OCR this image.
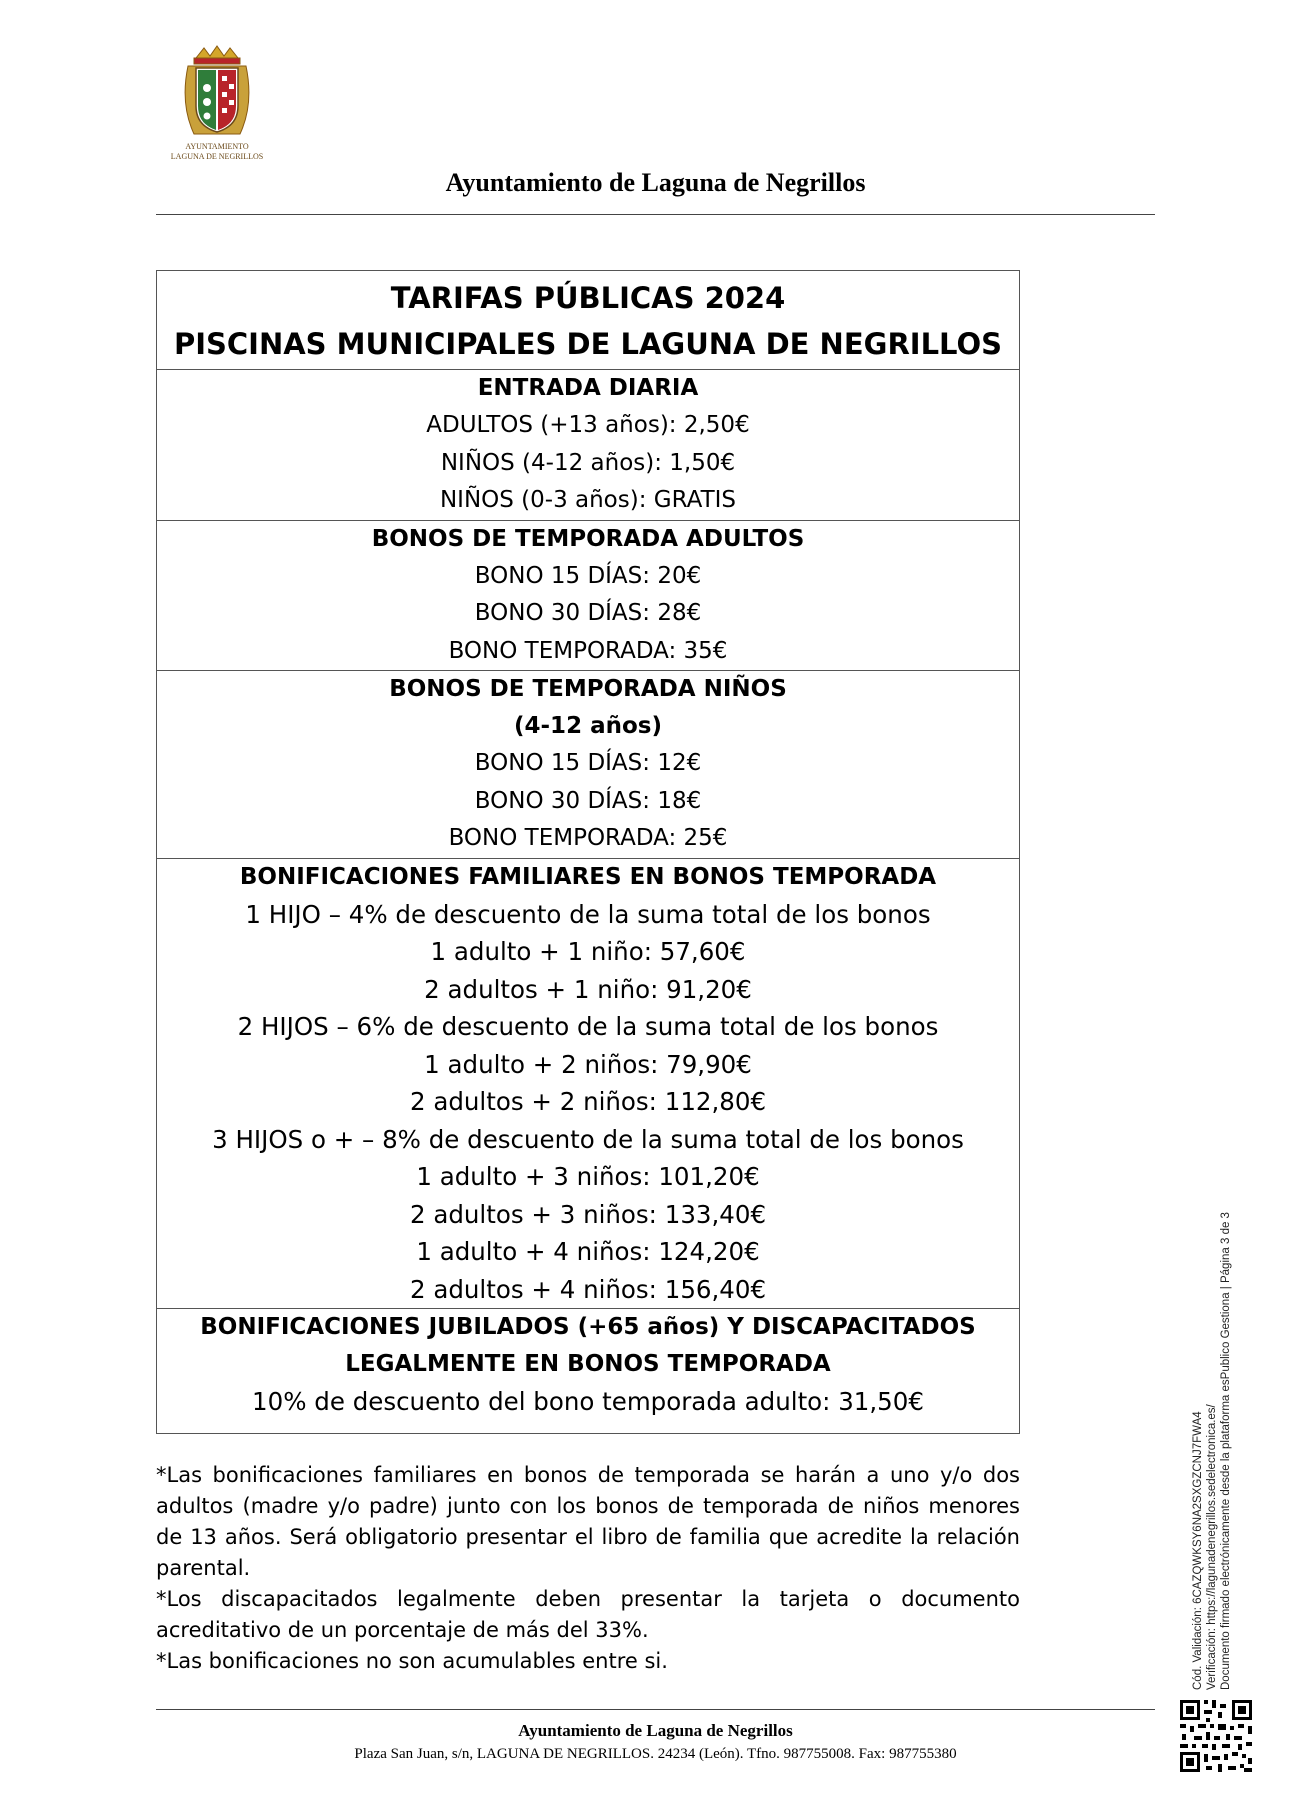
AYUNTAMIENTO
LAGUNA DE NEGRILLOS
Ayuntamiento de Laguna de Negrillos
TARIFAS PÚBLICAS 2024
PISCINAS MUNICIPALES DE LAGUNA DE NEGRILLOS
ENTRADA DIARIA
ADULTOS (+13 años): 2,50€
NIÑOS (4-12 años): 1,50€
NIÑOS (0-3 años): GRATIS
BONOS DE TEMPORADA ADULTOS
BONO 15 DÍAS: 20€
BONO 30 DÍAS: 28€
BONO TEMPORADA: 35€
BONOS DE TEMPORADA NIÑOS
(4-12 años)
BONO 15 DÍAS: 12€
BONO 30 DÍAS: 18€
BONO TEMPORADA: 25€
BONIFICACIONES FAMILIARES EN BONOS TEMPORADA
1 HIJO – 4% de descuento de la suma total de los bonos
1 adulto + 1 niño: 57,60€
2 adultos + 1 niño: 91,20€
2 HIJOS – 6% de descuento de la suma total de los bonos
1 adulto + 2 niños: 79,90€
2 adultos + 2 niños: 112,80€
3 HIJOS o + – 8% de descuento de la suma total de los bonos
1 adulto + 3 niños: 101,20€
2 adultos + 3 niños: 133,40€
1 adulto + 4 niños: 124,20€
2 adultos + 4 niños: 156,40€
BONIFICACIONES JUBILADOS (+65 años) Y DISCAPACITADOS
LEGALMENTE EN BONOS TEMPORADA
10% de descuento del bono temporada adulto: 31,50€

*Las bonificaciones familiares en bonos de temporada se harán a uno y/o dos adultos (madre y/o padre) junto con los bonos de temporada de niños menores de 13 años. Será obligatorio presentar el libro de familia que acredite la relación parental.

*Los discapacitados legalmente deben presentar la tarjeta o documento acreditativo de un porcentaje de más del 33%.

*Las bonificaciones no son acumulables entre si.

Ayuntamiento de Laguna de Negrillos
Plaza San Juan, s/n, LAGUNA DE NEGRILLOS. 24234 (León). Tfno. 987755008. Fax: 987755380
Cód. Validación: 6CAZQWKSY6NA2SXGZCNJ7FWA4 Verificación: https://lagunadenegrillos.sedelectronica.es/ Documento firmado electrónicamente desde la plataforma esPublico Gestiona | Página 3 de 3
